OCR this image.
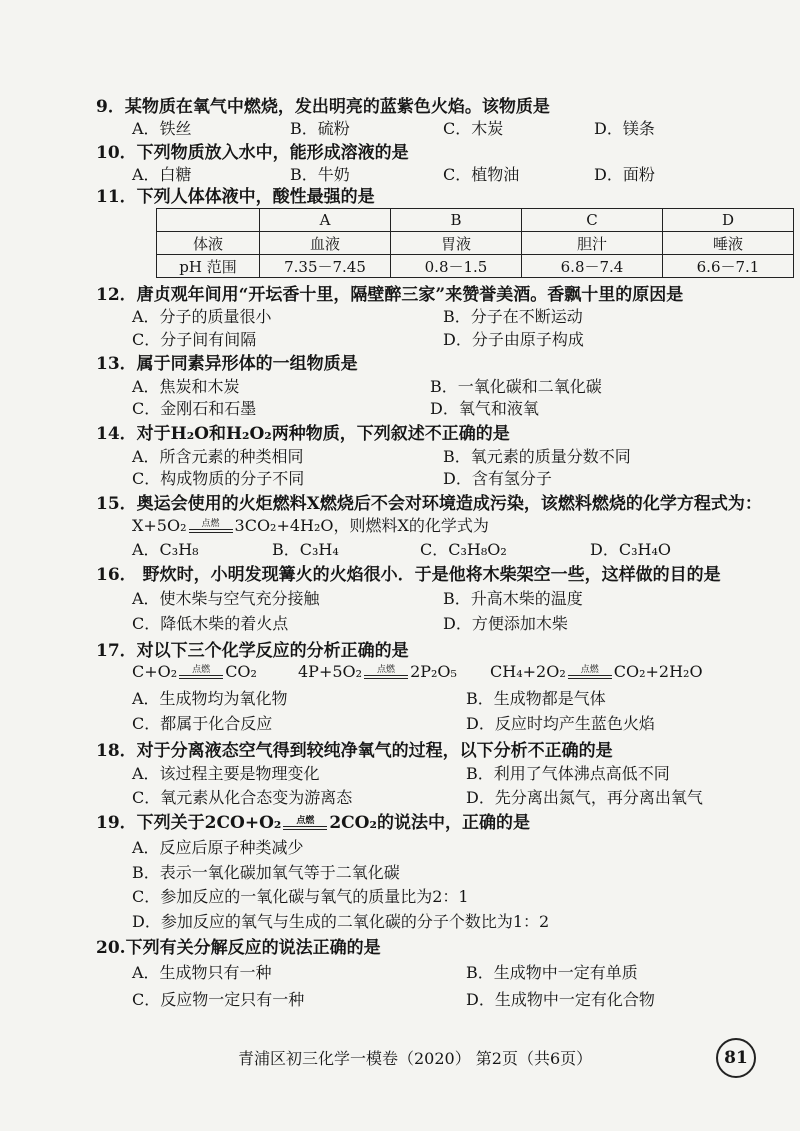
9．某物质在氧气中燃烧，发出明亮的蓝紫色火焰。该物质是
A．铁丝	B．硫粉	C．木炭	D．镁条
10．下列物质放入水中，能形成溶液的是
A．白糖	B．牛奶	C．植物油	D．面粉
11．下列人体体液中，酸性最强的是
	A	B	C	D
体液	血液	胃液	胆汁	唾液
pH 范围	7.35－7.45	0.8－1.5	6.8－7.4	6.6－7.1
12．唐贞观年间用“开坛香十里，隔壁醉三家”来赞誉美酒。香飘十里的原因是
A．分子的质量很小	B．分子在不断运动
C．分子间有间隔	D．分子由原子构成
13．属于同素异形体的一组物质是
A．焦炭和木炭	B．一氧化碳和二氧化碳
C．金刚石和石墨	D．氧气和液氧
14．对于H₂O和H₂O₂两种物质，下列叙述不正确的是
A．所含元素的种类相同	B．氧元素的质量分数不同
C．构成物质的分子不同	D．含有氢分子
15．奥运会使用的火炬燃料X燃烧后不会对环境造成污染，该燃料燃烧的化学方程式为：
X+5O₂ 点燃 3CO₂+4H₂O，则燃料X的化学式为
A．C₃H₈	B．C₃H₄	C．C₃H₈O₂	D．C₃H₄O
16． 野炊时，小明发现篝火的火焰很小．于是他将木柴架空一些，这样做的目的是
A．使木柴与空气充分接触	B．升高木柴的温度
C．降低木柴的着火点	D．方便添加木柴
17．对以下三个化学反应的分析正确的是
C+O₂ 点燃 CO₂	4P+5O₂ 点燃 2P₂O₅ CH₄+2O₂ 点燃 CO₂+2H₂O
A．生成物均为氧化物	B．生成物都是气体
C．都属于化合反应	D．反应时均产生蓝色火焰
18．对于分离液态空气得到较纯净氧气的过程，以下分析不正确的是
A．该过程主要是物理变化	B．利用了气体沸点高低不同
C．氧元素从化合态变为游离态	D．先分离出氮气，再分离出氧气
19．下列关于2CO+O₂ 点燃 2CO₂的说法中，正确的是
A．反应后原子种类减少
B．表示一氧化碳加氧气等于二氧化碳
C．参加反应的一氧化碳与氧气的质量比为2：1
D．参加反应的氧气与生成的二氧化碳的分子个数比为1：2
20.下列有关分解反应的说法正确的是
A．生成物只有一种	B．生成物中一定有单质
C．反应物一定只有一种	D．生成物中一定有化合物
青浦区初三化学一模卷（2020） 第2页（共6页）	81
